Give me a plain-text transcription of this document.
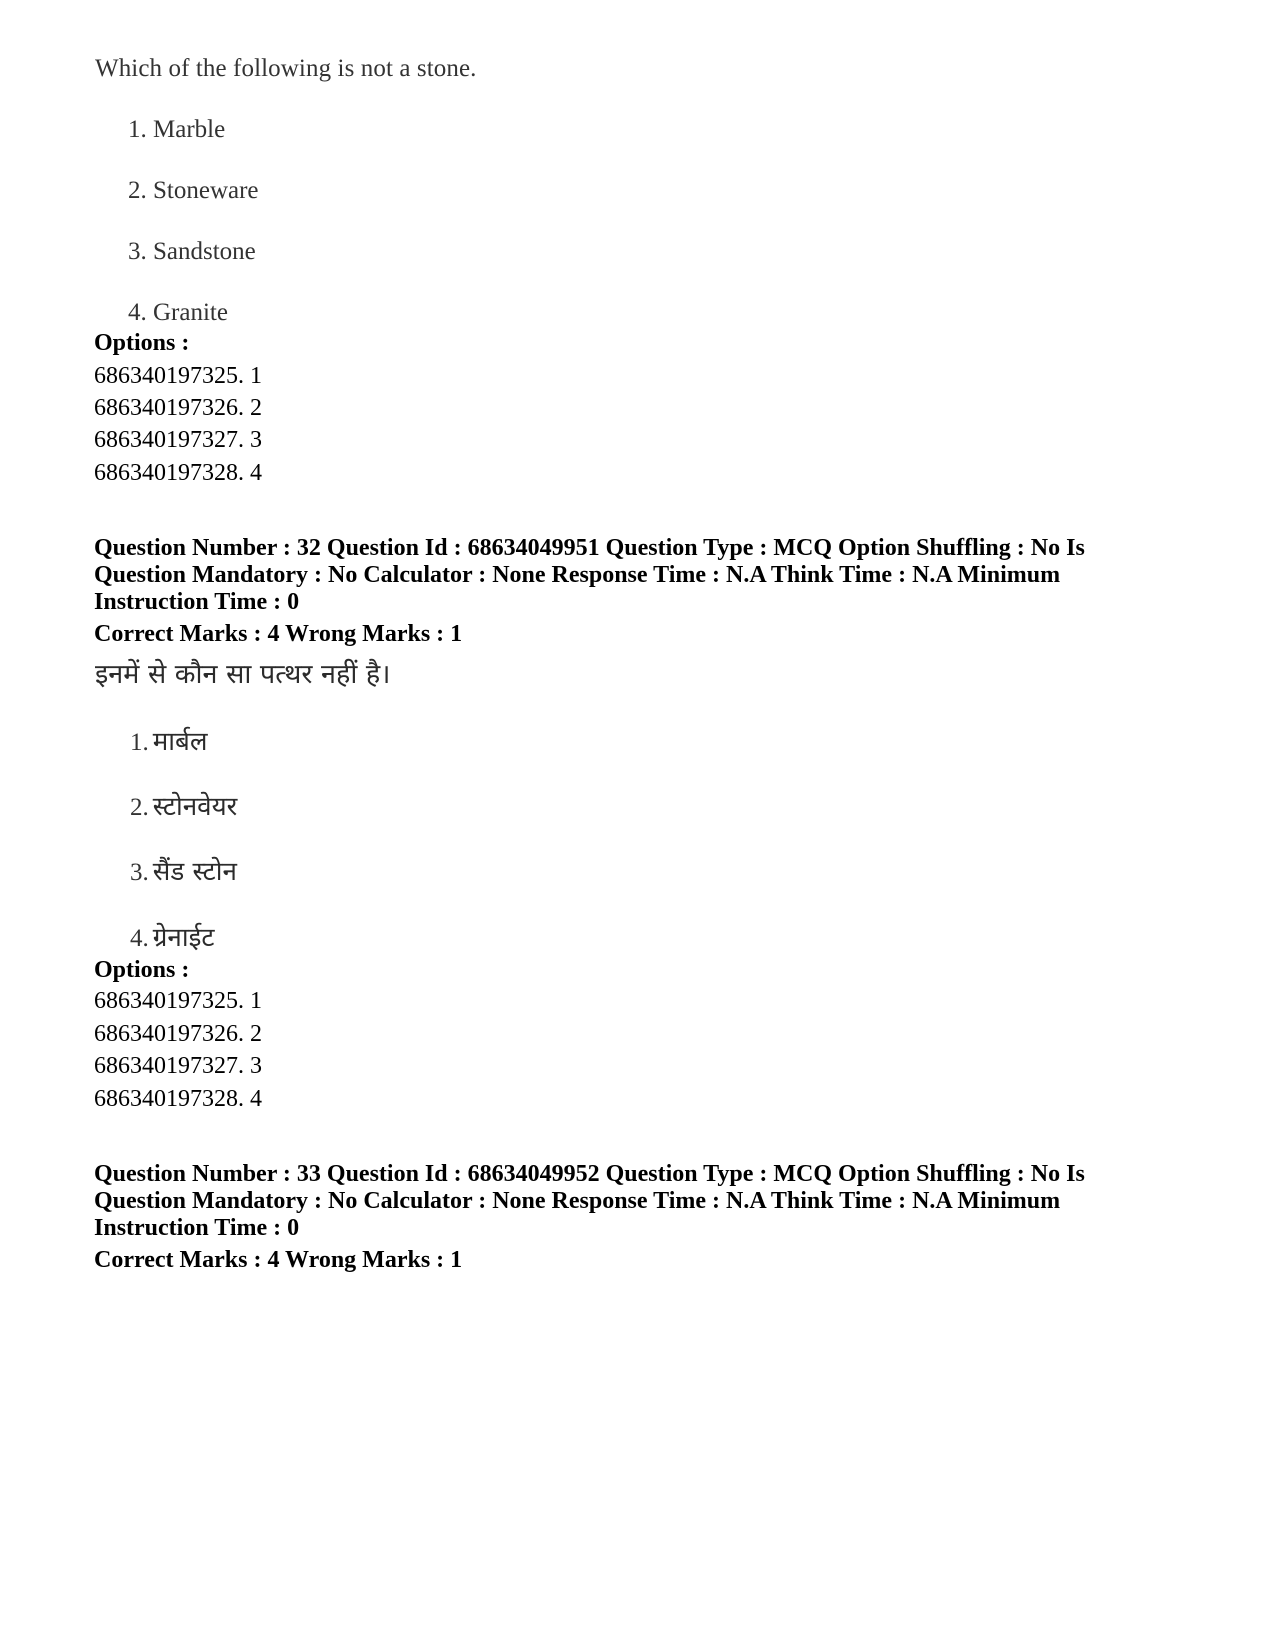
Which of the following is not a stone.
1. Marble
2. Stoneware
3. Sandstone
4. Granite
Options :
686340197325. 1
686340197326. 2
686340197327. 3
686340197328. 4
Question Number : 32 Question Id : 68634049951 Question Type : MCQ Option Shuffling : No Is
Question Mandatory : No Calculator : None Response Time : N.A Think Time : N.A Minimum
Instruction Time : 0
Correct Marks : 4 Wrong Marks : 1
इनमें से कौन सा पत्थर नहीं है।
1. मार्बल
2. स्टोनवेयर
3. सैंड स्टोन
4. ग्रेनाईट
Options :
686340197325. 1
686340197326. 2
686340197327. 3
686340197328. 4
Question Number : 33 Question Id : 68634049952 Question Type : MCQ Option Shuffling : No Is
Question Mandatory : No Calculator : None Response Time : N.A Think Time : N.A Minimum
Instruction Time : 0
Correct Marks : 4 Wrong Marks : 1
